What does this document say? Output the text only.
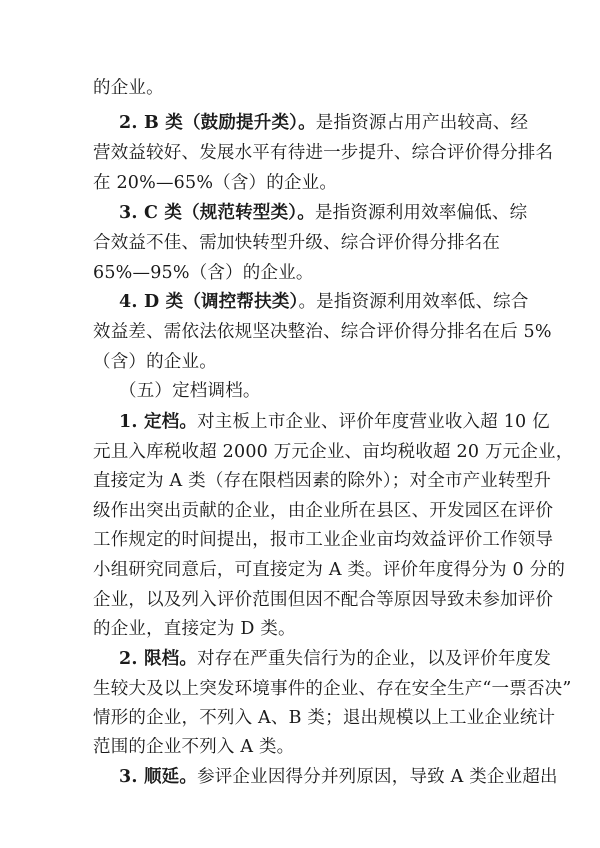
的企业。
2. B 类（鼓励提升类）。是指资源占用产出较高、经
营效益较好、发展水平有待进一步提升、综合评价得分排名
在 20%—65%（含）的企业。
3. C 类（规范转型类）。是指资源利用效率偏低、综
合效益不佳、需加快转型升级、综合评价得分排名在
65%—95%（含）的企业。
4. D 类（调控帮扶类）。是指资源利用效率低、综合
效益差、需依法依规坚决整治、综合评价得分排名在后 5%
（含）的企业。
（五）定档调档。
1. 定档。对主板上市企业、评价年度营业收入超 10 亿
元且入库税收超 2000 万元企业、亩均税收超 20 万元企业，
直接定为 A 类（存在限档因素的除外）；对全市产业转型升
级作出突出贡献的企业，由企业所在县区、开发园区在评价
工作规定的时间提出，报市工业企业亩均效益评价工作领导
小组研究同意后，可直接定为 A 类。评价年度得分为 0 分的
企业，以及列入评价范围但因不配合等原因导致未参加评价
的企业，直接定为 D 类。
2. 限档。对存在严重失信行为的企业，以及评价年度发
生较大及以上突发环境事件的企业、存在安全生产“一票否决”
情形的企业，不列入 A、B 类；退出规模以上工业企业统计
范围的企业不列入 A 类。
3. 顺延。参评企业因得分并列原因，导致 A 类企业超出
